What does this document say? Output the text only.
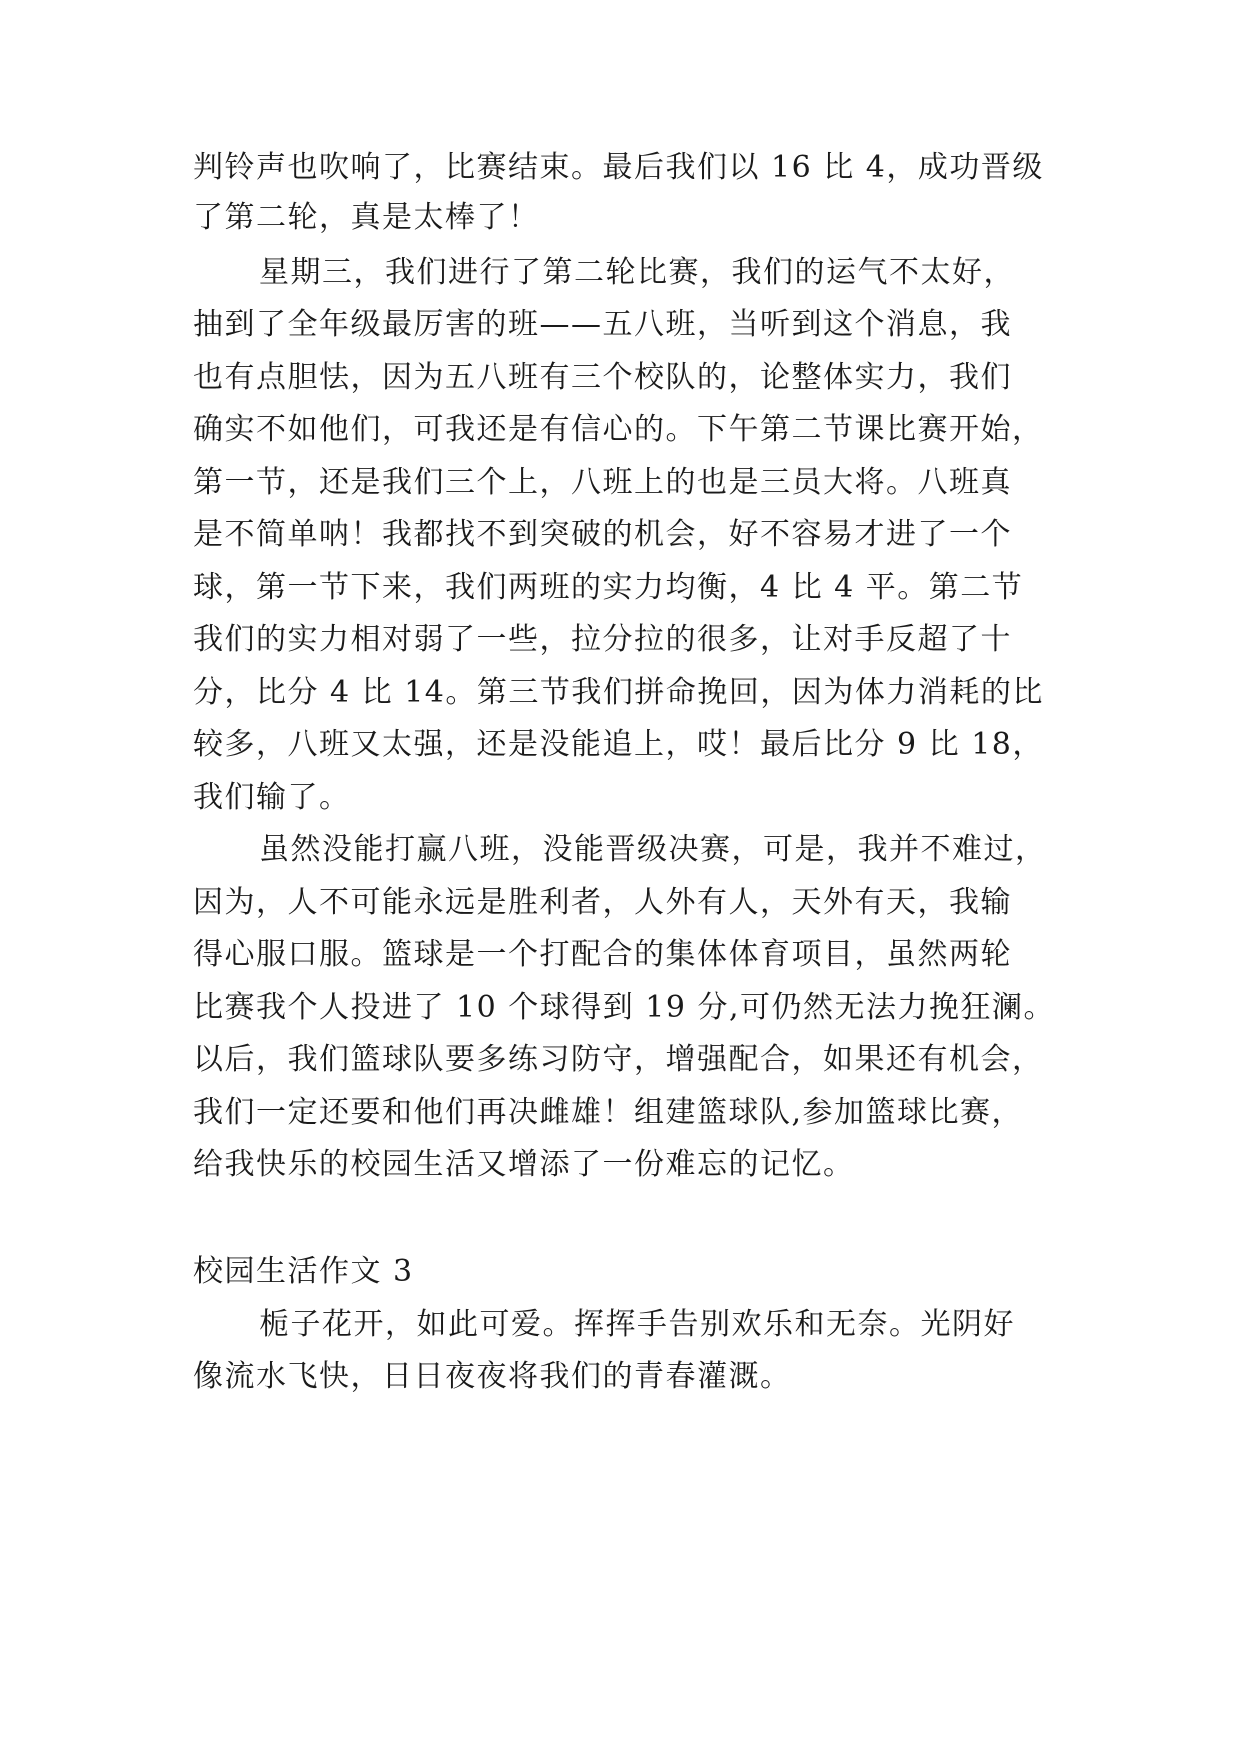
判铃声也吹响了，比赛结束。最后我们以 16 比 4，成功晋级
了第二轮，真是太棒了！
星期三，我们进行了第二轮比赛，我们的运气不太好，
抽到了全年级最厉害的班——五八班，当听到这个消息，我
也有点胆怯，因为五八班有三个校队的，论整体实力，我们
确实不如他们，可我还是有信心的。下午第二节课比赛开始，
第一节，还是我们三个上，八班上的也是三员大将。八班真
是不简单呐！我都找不到突破的机会，好不容易才进了一个
球，第一节下来，我们两班的实力均衡，4 比 4 平。第二节
我们的实力相对弱了一些，拉分拉的很多，让对手反超了十
分，比分 4 比 14。第三节我们拼命挽回，因为体力消耗的比
较多，八班又太强，还是没能追上，哎！最后比分 9 比 18，
我们输了。
虽然没能打赢八班，没能晋级决赛，可是，我并不难过，
因为，人不可能永远是胜利者，人外有人，天外有天，我输
得心服口服。篮球是一个打配合的集体体育项目，虽然两轮
比赛我个人投进了 10 个球得到 19 分,可仍然无法力挽狂澜。
以后，我们篮球队要多练习防守，增强配合，如果还有机会，
我们一定还要和他们再决雌雄！组建篮球队,参加篮球比赛，
给我快乐的校园生活又增添了一份难忘的记忆。
校园生活作文 3
栀子花开，如此可爱。挥挥手告别欢乐和无奈。光阴好
像流水飞快，日日夜夜将我们的青春灌溉。
